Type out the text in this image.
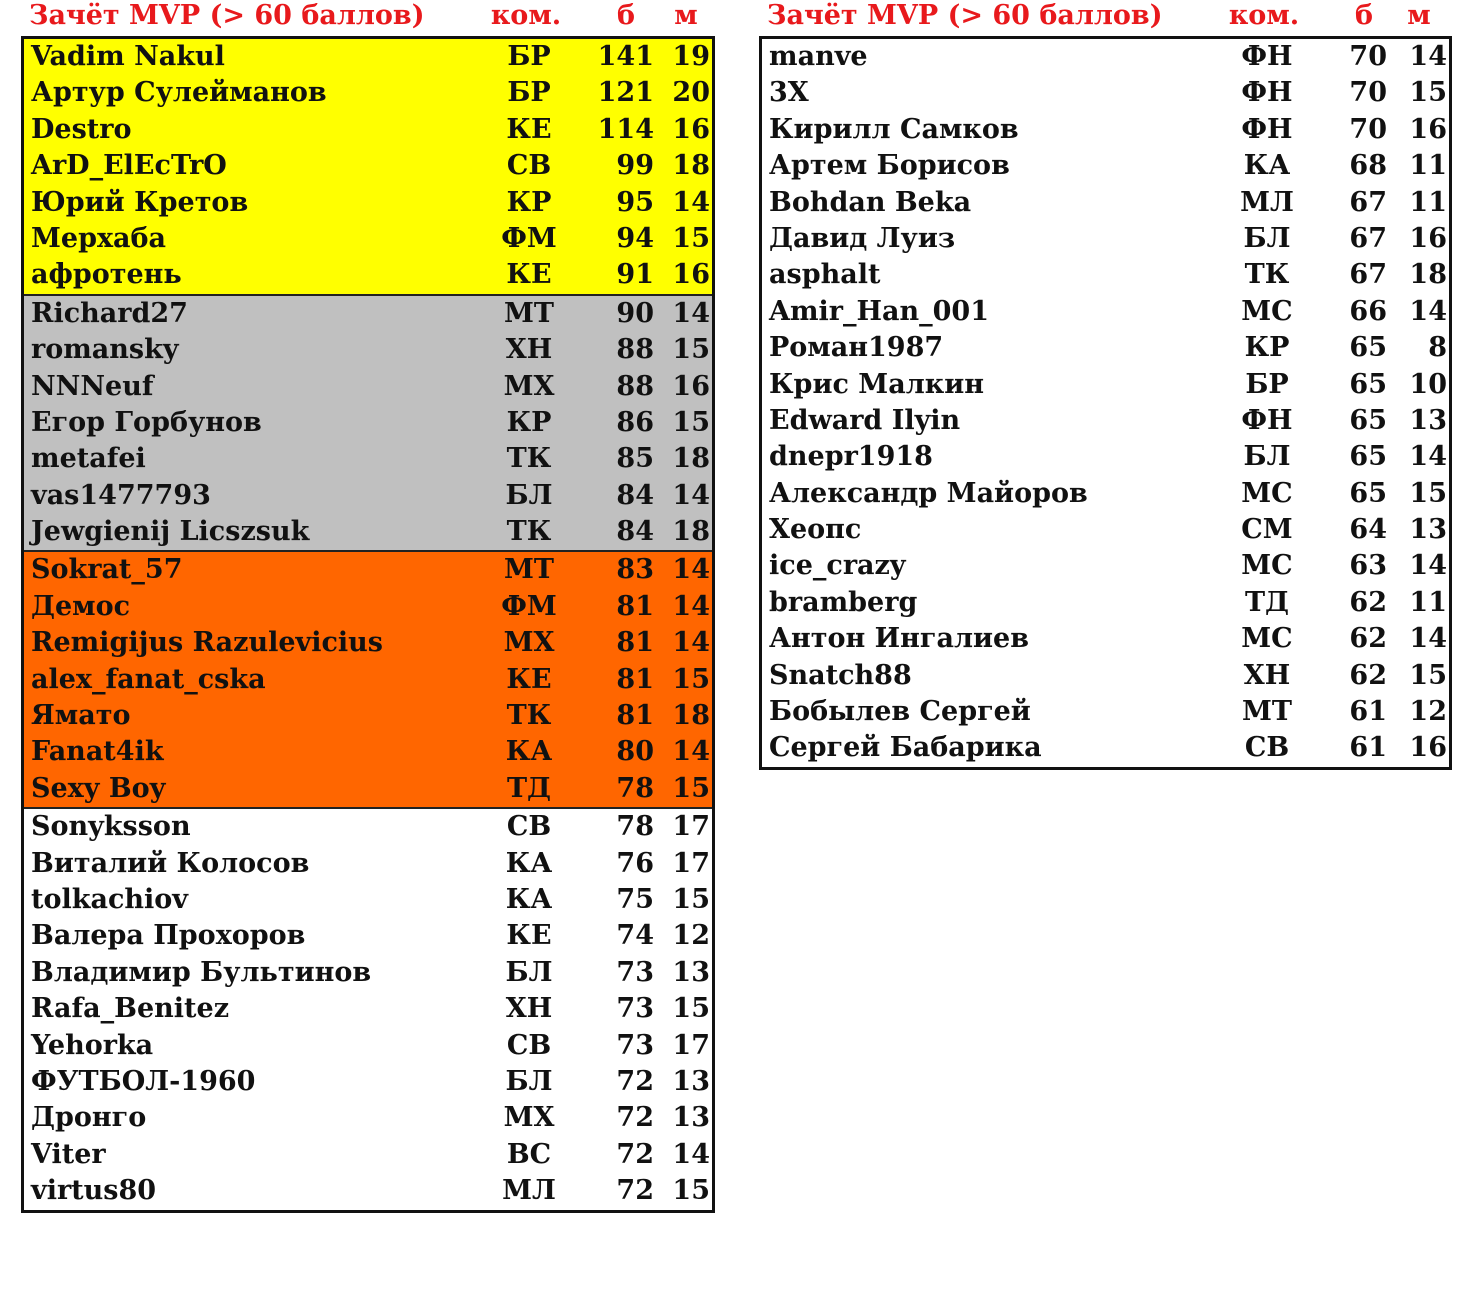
Зачёт MVP (> 60 баллов)	ком.	б	м
Vadim Nakul	БР	141 19
Артур Сулейманов	БР	121 20
Destro	КЕ	114 16
ArD_ElEcTrO	СВ	99 18
Юрий Кретов	КР	95 14
Мерхаба	ФМ	94 15
афротень	КЕ	91 16
Richard27	МТ	90 14
romansky	ХН	88 15
NNNeuf	МХ	88 16
Егор Горбунов	КР	86 15
metafei	ТК	85 18
vas1477793	БЛ	84 14
Jewgienij Licszsuk	ТК	84 18
Sokrat_57	МТ	83 14
Демос	ФМ	81 14
Remigijus Razulevicius	МХ	81 14
alex_fanat_cska	КЕ	81 15
Ямато	ТК	81 18
Fanat4ik	КА	80 14
Sexy Boy	ТД	78 15
Sonyksson	СВ	78 17
Виталий Колосов	КА	76 17
tolkachiov	КА	75 15
Валера Прохоров	КЕ	74 12
Владимир Бультинов	БЛ	73 13
Rafa_Benitez	ХН	73 15
Yehorka	СВ	73 17
ФУТБОЛ-1960	БЛ	72 13
Дронго	МХ	72 13
Viter	ВС	72 14
virtus80	МЛ	72 15
Зачёт MVP (> 60 баллов)	ком.	б	м
manve	ФН	70 14
3X	ФН	70 15
Кирилл Самков	ФН	70 16
Артем Борисов	КА	68 11
Bohdan Beka	МЛ	67 11
Давид Луиз	БЛ	67 16
asphalt	ТК	67 18
Amir_Han_001	МС	66 14
Роман1987	КР	65	8
Крис Малкин	БР	65 10
Edward Ilyin	ФН	65 13
dnepr1918	БЛ	65 14
Александр Майоров	МС	65 15
Хеопс	СМ	64 13
ice_crazy	МС	63 14
bramberg	ТД	62 11
Антон Ингалиев	МС	62 14
Snatch88	ХН	62 15
Бобылев Сергей	МТ	61 12
Сергей Бабарика	СВ	61 16
